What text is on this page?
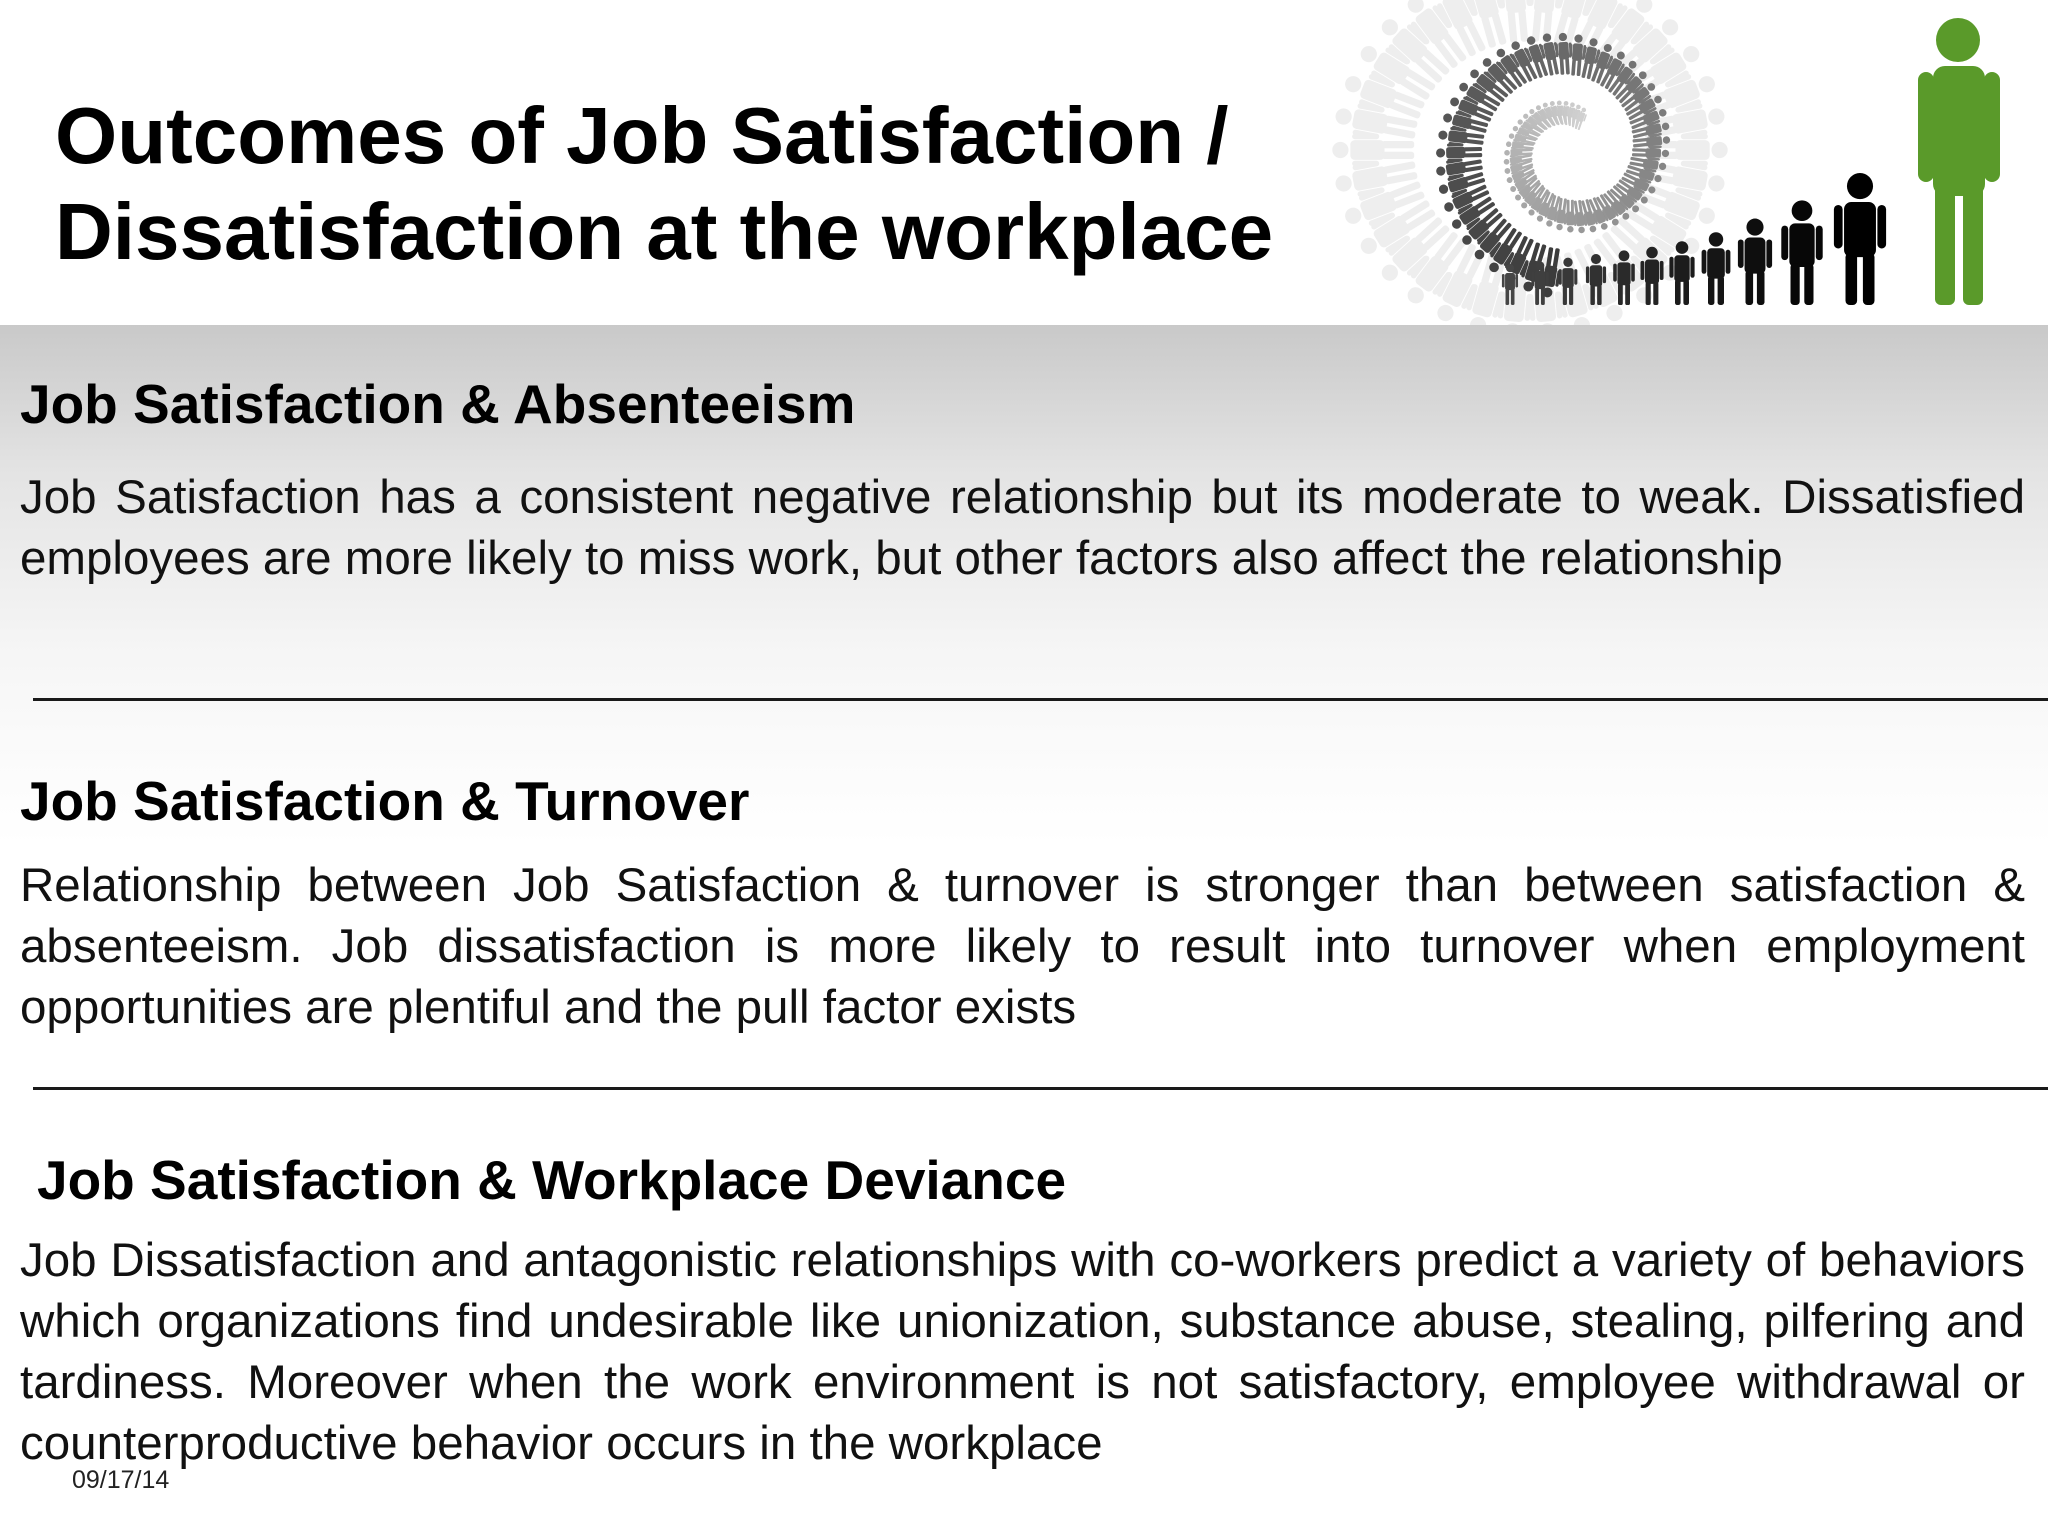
Outcomes of Job Satisfaction /
Dissatisfaction at the workplace
Job Satisfaction & Absenteeism

Job Satisfaction has a consistent negative relationship but its moderate to weak. Dissatisfied employees are more likely to miss work, but other factors also affect the relationship

Job Satisfaction & Turnover

Relationship between Job Satisfaction & turnover is stronger than between satisfaction & absenteeism. Job dissatisfaction is more likely to result into turnover when employment opportunities are plentiful and the pull factor exists

Job Satisfaction & Workplace Deviance

Job Dissatisfaction and antagonistic relationships with co-workers predict a variety of behaviors which organizations find undesirable like unionization, substance abuse, stealing, pilfering and tardiness. Moreover when the work environment is not satisfactory, employee withdrawal or counterproductive behavior occurs in the workplace

09/17/14
